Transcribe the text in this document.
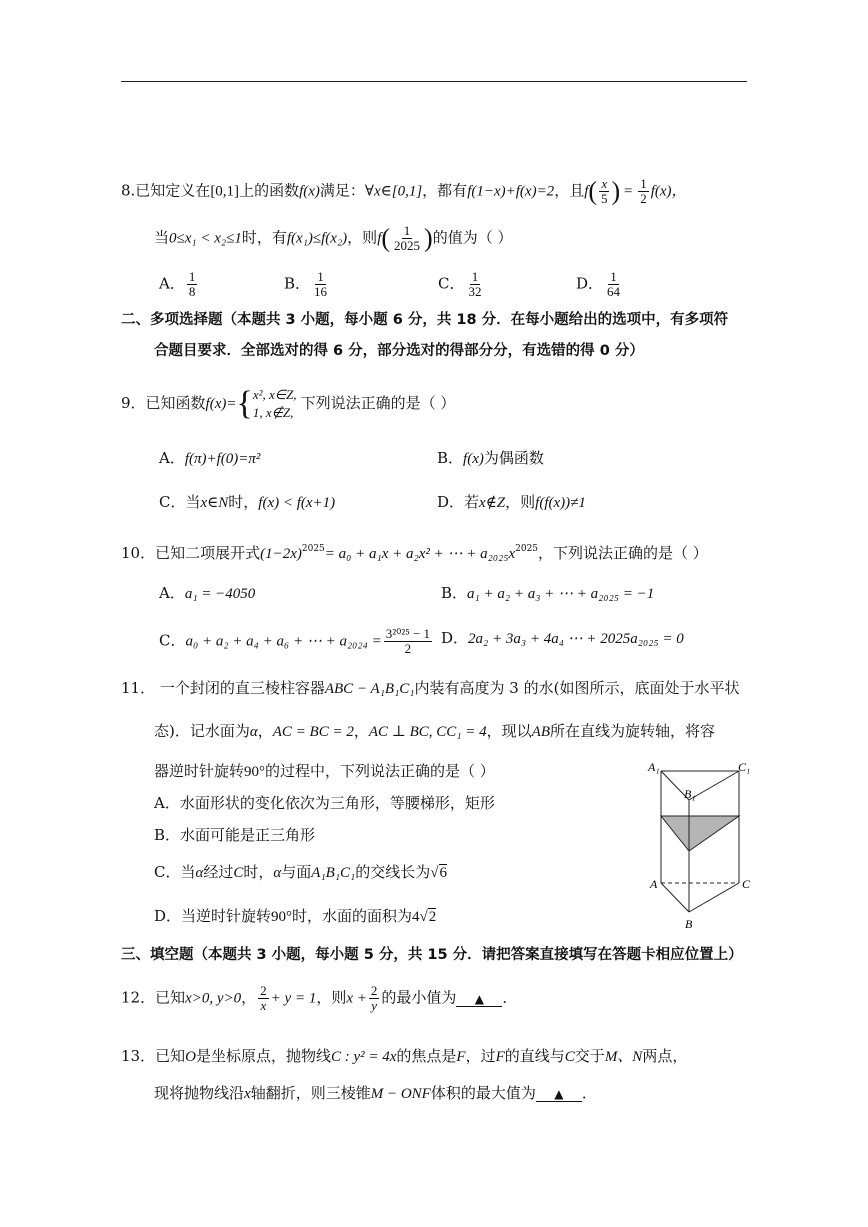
8.已知定义在[0,1]上的函数f(x)满足：∀x∈[0,1]，都有f(1−x)+f(x)=2，且$f( \frac{x}{5}$ ) = $\frac{1}{2} f(x)$，
当0≤x₁ < x₂≤1时，有f(x₁)≤f(x₂)，则$f( \frac{1}{2025}$ )的值为（ ）
A． $\frac{1}{8}$	B． $\frac{1}{16}$	C． $\frac{1}{32}$	D． $\frac{1}{64}$
二、多项选择题（本题共 3 小题，每小题 6 分，共 18 分．在每小题给出的选项中，有多项符
合题目要求．全部选对的得 6 分，部分选对的得部分分，有选错的得 0 分）
9．已知函数f(x)={ x², x∈Z,
1, x∉Z,
下列说法正确的是（ ）
A．f(π)+f(0)=π²	B．f(x)为偶函数
C．当x∈N时，f(x) < f(x+1)	D．若x∉Z，则f(f(x))≠1
10．已知二项展开式$(1-2x)^{2025}= a_0 + a_1x + a_2x^2$ + ⋯ + $a_{2025}x^{2025}$，下列说法正确的是（ ）
A．a₁ = −4050	B．a₁ + a₂ + a₃ + ⋯ + a₂₀₂₅ = −1
C．a₀ + a₂ + a₄ + a₆ + ⋯ + $a_{2024} = \frac{\text{3²⁰²⁵ − 1}}{2}$ D．2a₂ + 3a₃ + 4a₄ ⋯ + 2025a₂₀₂₅ = 0
11． 一个封闭的直三棱柱容器ABC − A₁B₁C₁内装有高度为 3 的水(如图所示，底面处于水平状
态)．记水面为α，AC = BC = 2，AC ⊥ BC, CC₁ = 4，现以AB所在直线为旋转轴，将容
器逆时针旋转90°的过程中，下列说法正确的是（ ）
A．水面形状的变化依次为三角形，等腰梯形，矩形
B．水面可能是正三角形
C．当α经过C时，α与面A₁B₁C₁的交线长为√6
D．当逆时针旋转90°时，水面的面积为4√2
A₁	C₁
B₁
A	C
B
三、填空题（本题共 3 小题，每小题 5 分，共 15 分．请把答案直接填写在答题卡相应位置上）
12．已知x>0, y>0， $\frac{2}{x} + y = 1$，则$x + \frac{2}{y}$ 的最小值为 ▲ ．
13．已知O是坐标原点，抛物线C : y² = 4x的焦点是F，过F的直线与C交于M、N两点，
现将抛物线沿x轴翻折，则三棱锥M − ONF体积的最大值为 ▲ ．
